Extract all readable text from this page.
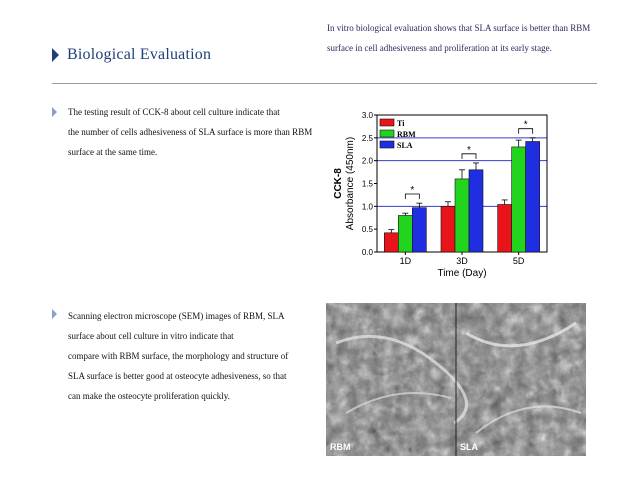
In vitro biological evaluation shows that SLA surface is better than RBM
surface in cell adhesiveness and proliferation at its early stage.
Biological Evaluation
The testing result of CCK-8 about cell culture indicate that
the number of cells adhesiveness of SLA surface is more than RBM
surface at the same time.
0.0
0.5
1.0
1.5
2.0
2.5
3.0
1D
*
3D
*
5D
*
Time (Day)
CCK-8 Absorbance (450nm)
Ti
RBM
SLA
Scanning electron microscope (SEM) images of RBM, SLA
surface about cell culture in vitro indicate that
compare with RBM surface, the morphology and structure of
SLA surface is better good at osteocyte adhesiveness, so that
can make the osteocyte proliferation quickly.
RBM	SLA
